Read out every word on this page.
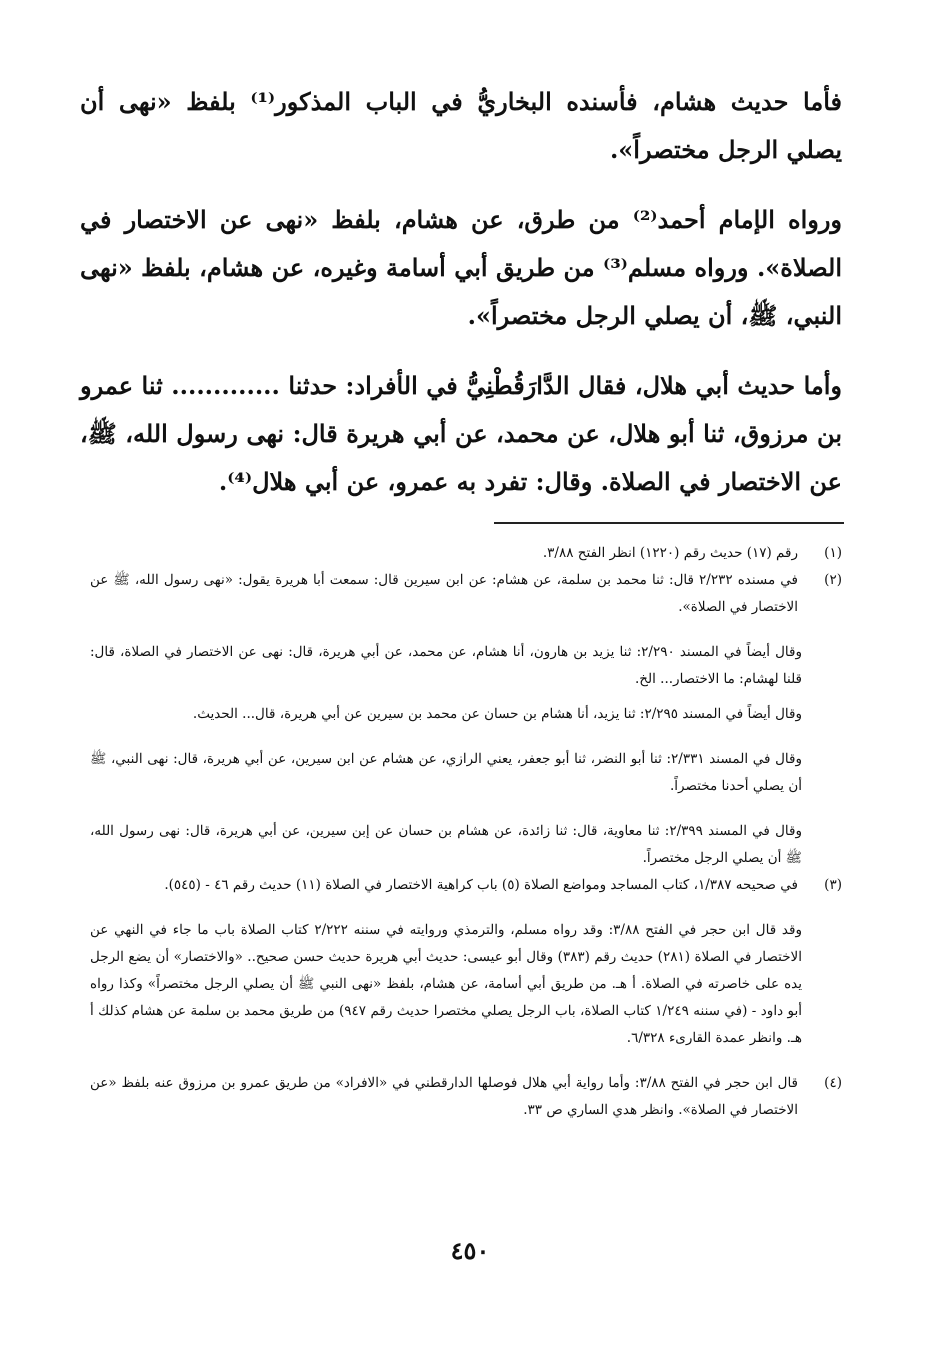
فأما حديث هشام، فأسنده البخاريُّ في الباب المذكور⁽¹⁾ بلفظ «نهى أن يصلي الرجل مختصراً».

ورواه الإمام أحمد⁽²⁾ من طرق، عن هشام، بلفظ «نهى عن الاختصار في الصلاة». ورواه مسلم⁽³⁾ من طريق أبي أسامة وغيره، عن هشام، بلفظ «نهى النبي، ﷺ، أن يصلي الرجل مختصراً».

وأما حديث أبي هلال، فقال الدَّارَقُطْنِيُّ في الأفراد: حدثنا ............. ثنا عمرو بن مرزوق، ثنا أبو هلال، عن محمد، عن أبي هريرة قال: نهى رسول الله، ﷺ، عن الاختصار في الصلاة. وقال: تفرد به عمرو، عن أبي هلال⁽⁴⁾.

(١)
رقم (١٧) حديث رقم (١٢٢٠) انظر الفتح ٣/٨٨.
(٢)
في مسنده ٢/٢٣٢ قال: ثنا محمد بن سلمة، عن هشام: عن ابن سيرين قال: سمعت أبا هريرة يقول: «نهى رسول الله، ﷺ عن الاختصار في الصلاة».
وقال أيضاً في المسند ٢/٢٩٠: ثنا يزيد بن هارون، أنا هشام، عن محمد، عن أبي هريرة، قال: نهى عن الاختصار في الصلاة، قال: قلنا لهشام: ما الاختصار... الخ.
وقال أيضاً في المسند ٢/٢٩٥: ثنا يزيد، أنا هشام بن حسان عن محمد بن سيرين عن أبي هريرة، قال... الحديث.
وقال في المسند ٢/٣٣١: ثنا أبو النضر، ثنا أبو جعفر، يعني الرازي، عن هشام عن ابن سيرين، عن أبي هريرة، قال: نهى النبي، ﷺ أن يصلي أحدنا مختصراً.
وقال في المسند ٢/٣٩٩: ثنا معاوية، قال: ثنا زائدة، عن هشام بن حسان عن إبن سيرين، عن أبي هريرة، قال: نهى رسول الله، ﷺ أن يصلي الرجل مختصراً.
(٣)
في صحيحه ١/٣٨٧، كتاب المساجد ومواضع الصلاة (٥) باب كراهية الاختصار في الصلاة (١١) حديث رقم ٤٦ - (٥٤٥).
وقد قال ابن حجر في الفتح ٣/٨٨: وقد رواه مسلم، والترمذي وروايته في سننه ٢/٢٢٢ كتاب الصلاة باب ما جاء في النهي عن الاختصار في الصلاة (٢٨١) حديث رقم (٣٨٣) وقال أبو عيسى: حديث أبي هريرة حديث حسن صحيح.. «والاختصار» أن يضع الرجل يده على خاصرته في الصلاة. أ هـ. من طريق أبي أسامة، عن هشام، بلفظ «نهى النبي ﷺ أن يصلي الرجل مختصراً» وكذا رواه أبو داود - (في سننه ١/٢٤٩ كتاب الصلاة، باب الرجل يصلي مختصرا حديث رقم ٩٤٧) من طريق محمد بن سلمة عن هشام كذلك أ هـ. وانظر عمدة القارىء ٦/٣٢٨.
(٤)
قال ابن حجر في الفتح ٣/٨٨: وأما رواية أبي هلال فوصلها الدارقطني في «الافراد» من طريق عمرو بن مرزوق عنه بلفظ «عن الاختصار في الصلاة». وانظر هدي الساري ص ٣٣.
٤٥٠
